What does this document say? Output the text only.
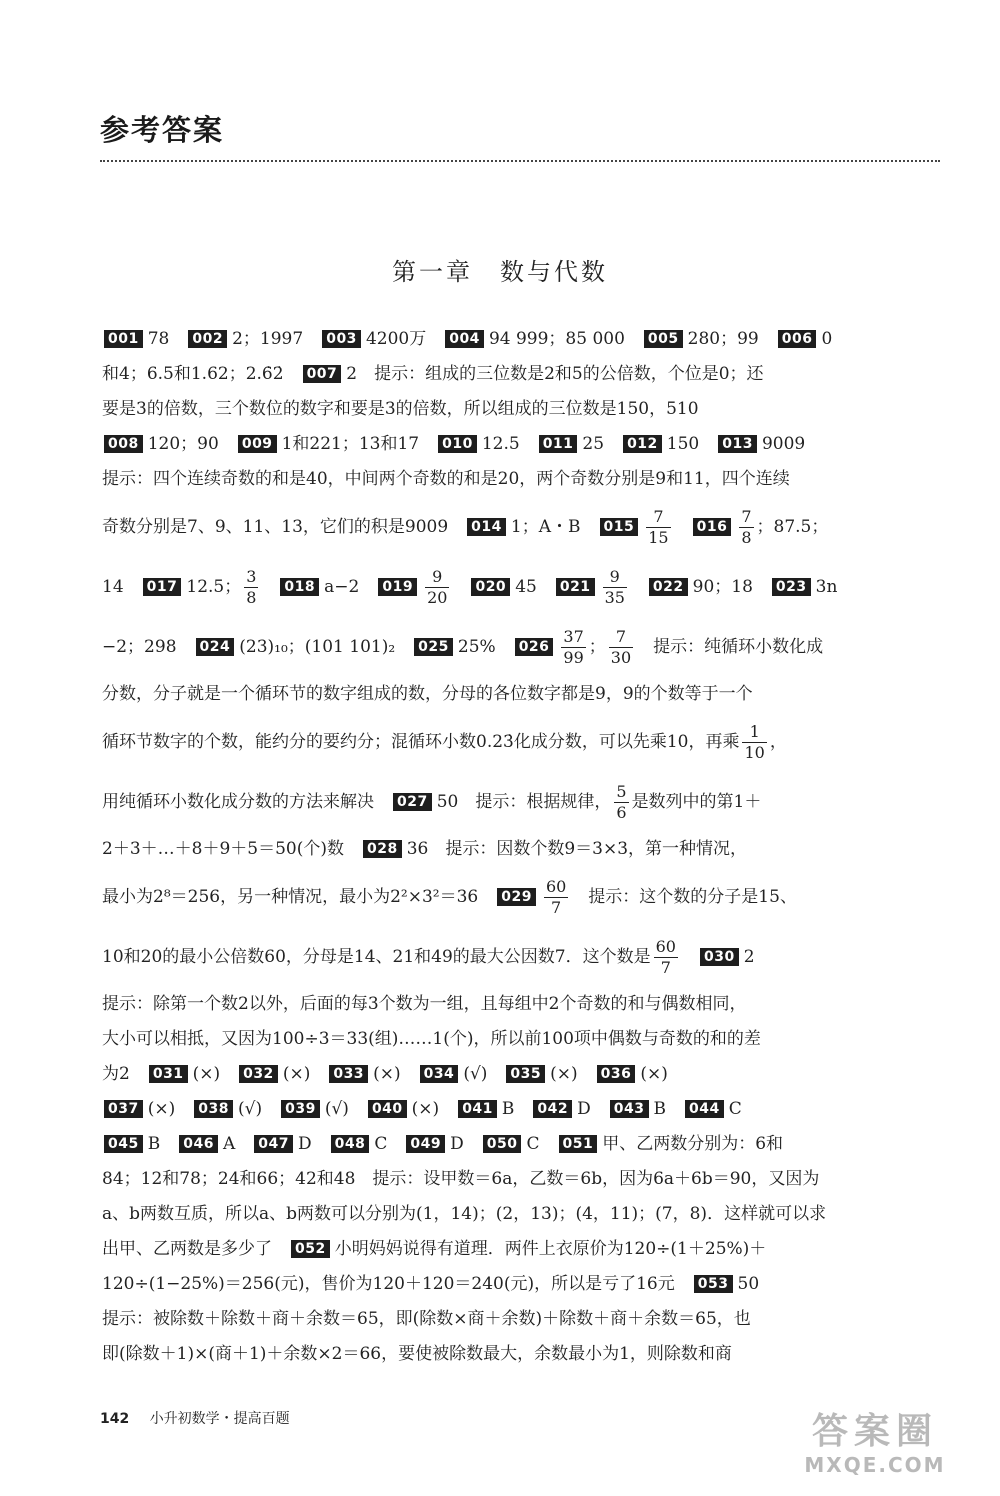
参考答案
第一章　数与代数
001 78　002 2；1997　003 4200万　004 94 999；85 000　005 280；99　006 0
和4；6.5和1.62；2.6̇2̇　007 2　提示：组成的三位数是2和5的公倍数，个位是0；还
要是3的倍数，三个数位的数字和要是3的倍数，所以组成的三位数是150，510
008 120；90　009 1和221；13和17　010 12.5　011 25　012 150　013 9009
提示：四个连续奇数的和是40，中间两个奇数的和是20，两个奇数分别是9和11，四个连续
奇数分别是7、9、11、13，它们的积是9009　014 1；A・B　$015 \frac{7}{15}$
　 $016 \frac{7}{8}$ ；87.5；
14　017 12.5； $\frac{3}{8}$
　 018 a−2　$019 \frac{9}{20}$
　 020 45　$021 \frac{9}{35}$
　 022 90；18　023 3n
−2；298　024 (23)₁₀；(101 101)₂　025 25%　$026 \frac{37}{99}$ ； $\frac{7}{30}$ 　提示：纯循环小数化成
分数，分子就是一个循环节的数字组成的数，分母的各位数字都是9，9的个数等于一个
循环节数字的个数，能约分的要约分；混循环小数0.23̇化成分数，可以先乘10，再乘 $\frac{1}{10}$ ，
用纯循环小数化成分数的方法来解决　027 50　提示：根据规律， $\frac{5}{6}$ 是数列中的第1＋
2＋3＋…＋8＋9＋5＝50(个)数　028 36　提示：因数个数9＝3×3，第一种情况，
最小为2⁸＝256，另一种情况，最小为2²×3²＝36　$029 \frac{60}{7}$ 　提示：这个数的分子是15、
10和20的最小公倍数60，分母是14、21和49的最大公因数7．这个数是 $\frac{60}{7}$
　 030 2
提示：除第一个数2以外，后面的每3个数为一组，且每组中2个奇数的和与偶数相同，
大小可以相抵，又因为100÷3＝33(组)……1(个)，所以前100项中偶数与奇数的和的差
为2　031 (×)　032 (×)　033 (×)　034 (√)　035 (×)　036 (×)
037 (×)　038 (√)　039 (√)　040 (×)　041 B　042 D　043 B　044 C
045 B　046 A　047 D　048 C　049 D　050 C　051 甲、乙两数分别为：6和
84；12和78；24和66；42和48　提示：设甲数＝6a，乙数＝6b，因为6a＋6b＝90，又因为
a、b两数互质，所以a、b两数可以分别为(1，14)；(2，13)；(4，11)；(7，8)．这样就可以求
出甲、乙两数是多少了　052 小明妈妈说得有道理．两件上衣原价为120÷(1＋25%)＋
120÷(1−25%)＝256(元)，售价为120＋120＝240(元)，所以是亏了16元　053 50
提示：被除数＋除数＋商＋余数＝65，即(除数×商＋余数)＋除数＋商＋余数＝65，也
即(除数＋1)×(商＋1)＋余数×2＝66，要使被除数最大，余数最小为1，则除数和商
142 小升初数学・提高百题	答案圈
MXQE.COM
